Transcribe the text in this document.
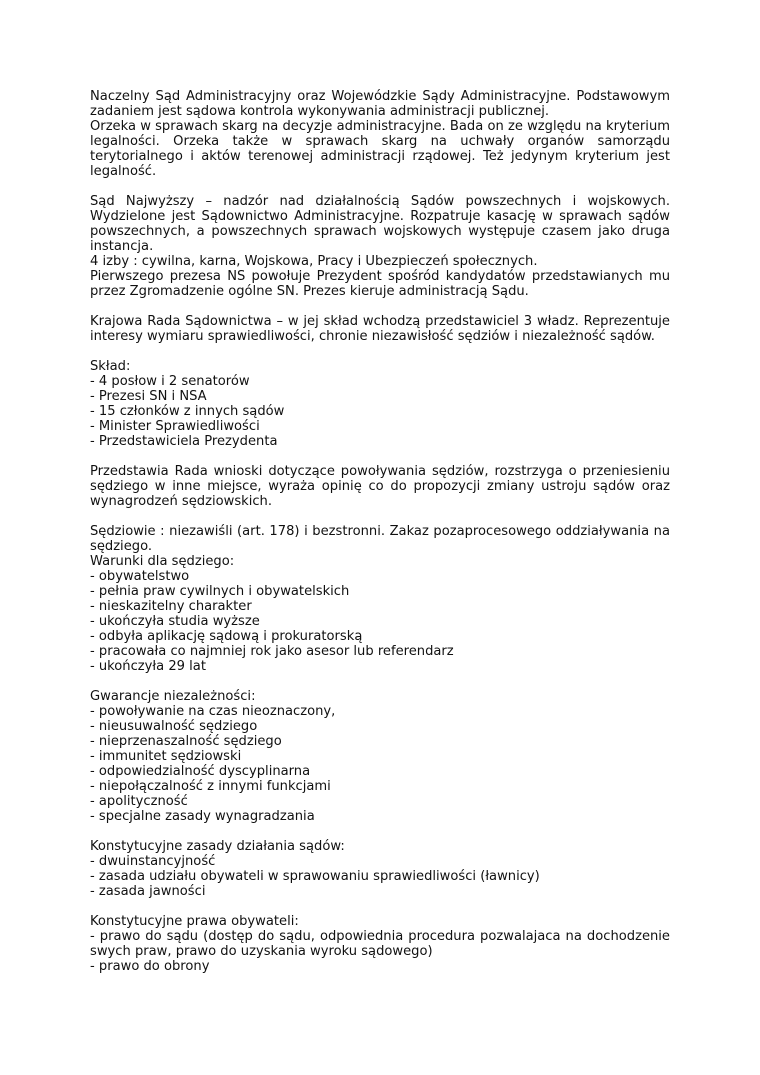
Naczelny Sąd Administracyjny oraz Wojewódzkie Sądy Administracyjne. Podstawowym zadaniem jest sądowa kontrola wykonywania administracji publicznej.

Orzeka w sprawach skarg na decyzje administracyjne. Bada on ze względu na kryterium legalności. Orzeka także w sprawach skarg na uchwały organów samorządu terytorialnego i aktów terenowej administracji rządowej. Też jedynym kryterium jest legalność.

Sąd Najwyższy – nadzór nad działalnością Sądów powszechnych i wojskowych. Wydzielone jest Sądownictwo Administracyjne. Rozpatruje kasację w sprawach sądów powszechnych, a powszechnych sprawach wojskowych występuje czasem jako druga instancja.

4 izby : cywilna, karna, Wojskowa, Pracy i Ubezpieczeń społecznych.

Pierwszego prezesa NS powołuje Prezydent spośród kandydatów przedstawianych mu przez Zgromadzenie ogólne SN. Prezes kieruje administracją Sądu.

Krajowa Rada Sądownictwa – w jej skład wchodzą przedstawiciel 3 władz. Reprezentuje interesy wymiaru sprawiedliwości, chronie niezawisłość sędziów i niezależność sądów.

Skład:

- 4 posłow i 2 senatorów
- Prezesi SN i NSA
- 15 członków z innych sądów
- Minister Sprawiedliwości
- Przedstawiciela Prezydenta

Przedstawia Rada wnioski dotyczące powoływania sędziów, rozstrzyga o przeniesieniu sędziego w inne miejsce, wyraża opinię co do propozycji zmiany ustroju sądów oraz wynagrodzeń sędziowskich.

Sędziowie : niezawiśli (art. 178) i bezstronni. Zakaz pozaprocesowego oddziaływania na sędziego.

Warunki dla sędziego:

- obywatelstwo
- pełnia praw cywilnych i obywatelskich
- nieskazitelny charakter
- ukończyła studia wyższe
- odbyła aplikację sądową i prokuratorską
- pracowała co najmniej rok jako asesor lub referendarz
- ukończyła 29 lat

Gwarancje niezależności:

- powoływanie na czas nieoznaczony,
- nieusuwalność sędziego
- nieprzenaszalność sędziego
- immunitet sędziowski
- odpowiedzialność dyscyplinarna
- niepołączalność z innymi funkcjami
- apolityczność
- specjalne zasady wynagradzania

Konstytucyjne zasady działania sądów:

- dwuinstancyjność
- zasada udziału obywateli w sprawowaniu sprawiedliwości (ławnicy)
- zasada jawności

Konstytucyjne prawa obywateli:

- prawo do sądu (dostęp do sądu, odpowiednia procedura pozwalajaca na dochodzenie swych praw, prawo do uzyskania wyroku sądowego)

- prawo do obrony
